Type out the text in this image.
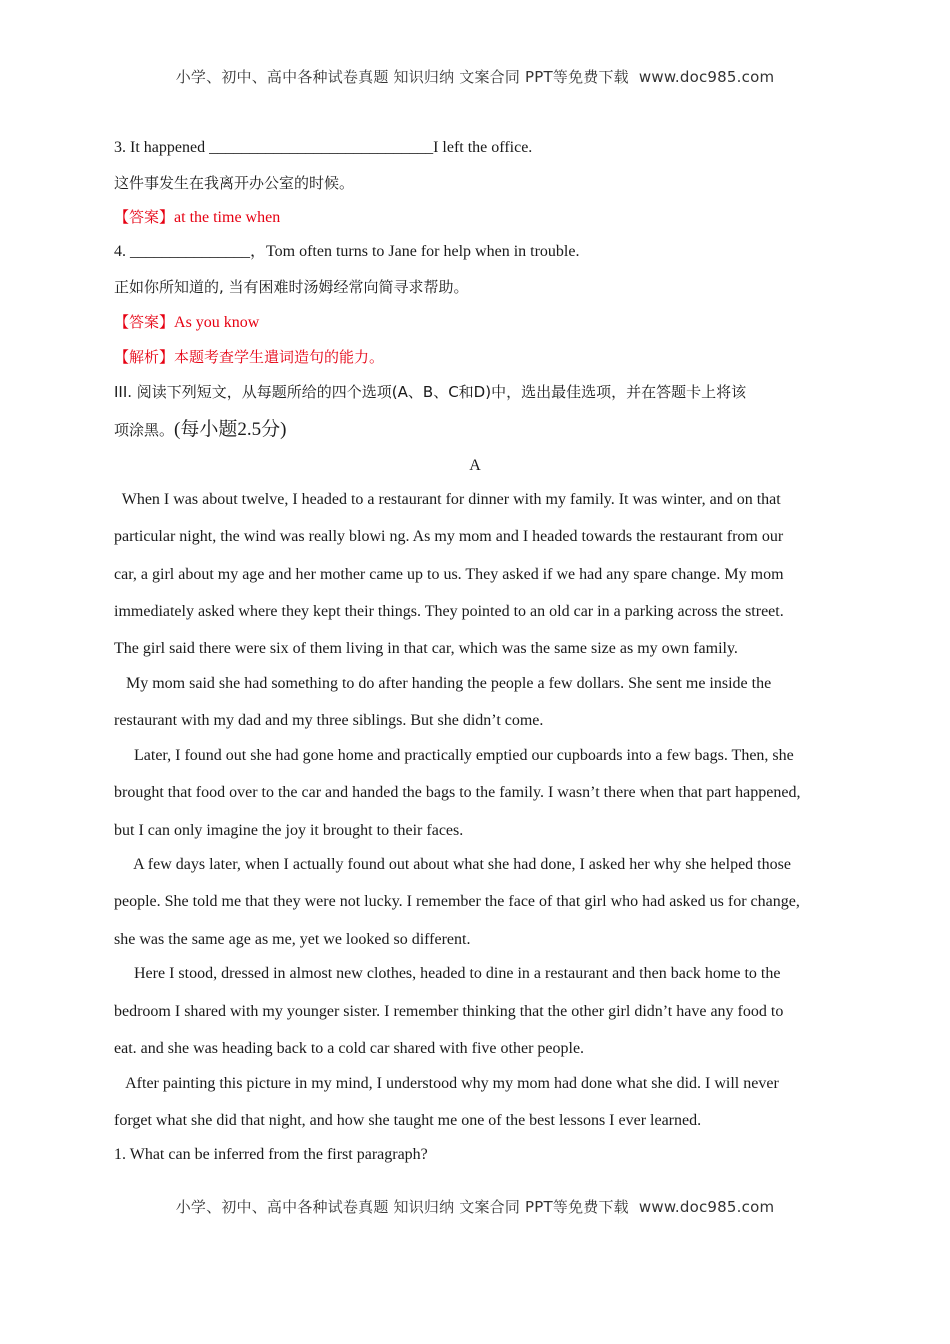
小学、初中、高中各种试卷真题 知识归纳 文案合同 PPT等免费下载 www.doc985.com
3. It happened ____________________________I left the office.
这件事发生在我离开办公室的时候。
【答案】at the time when
4. _______________，Tom often turns to Jane for help when in trouble.
正如你所知道的, 当有困难时汤姆经常向简寻求帮助。
【答案】As you know
【解析】本题考查学生遣词造句的能力。
III. 阅读下列短文，从每题所给的四个选项(A、B、C和D)中，选出最佳选项，并在答题卡上将该
项涂黑。(每小题2.5分)
A
When I was about twelve, I headed to a restaurant for dinner with my family. It was winter, and on that
particular night, the wind was really blowi ng. As my mom and I headed towards the restaurant from our
car, a girl about my age and her mother came up to us. They asked if we had any spare change. My mom
immediately asked where they kept their things. They pointed to an old car in a parking across the street.
The girl said there were six of them living in that car, which was the same size as my own family.
My mom said she had something to do after handing the people a few dollars. She sent me inside the
restaurant with my dad and my three siblings. But she didn’t come.
Later, I found out she had gone home and practically emptied our cupboards into a few bags. Then, she
brought that food over to the car and handed the bags to the family. I wasn’t there when that part happened,
but I can only imagine the joy it brought to their faces.
A few days later, when I actually found out about what she had done, I asked her why she helped those
people. She told me that they were not lucky. I remember the face of that girl who had asked us for change,
she was the same age as me, yet we looked so different.
Here I stood, dressed in almost new clothes, headed to dine in a restaurant and then back home to the
bedroom I shared with my younger sister. I remember thinking that the other girl didn’t have any food to
eat. and she was heading back to a cold car shared with five other people.
After painting this picture in my mind, I understood why my mom had done what she did. I will never
forget what she did that night, and how she taught me one of the best lessons I ever learned.
1. What can be inferred from the first paragraph?
小学、初中、高中各种试卷真题 知识归纳 文案合同 PPT等免费下载 www.doc985.com
